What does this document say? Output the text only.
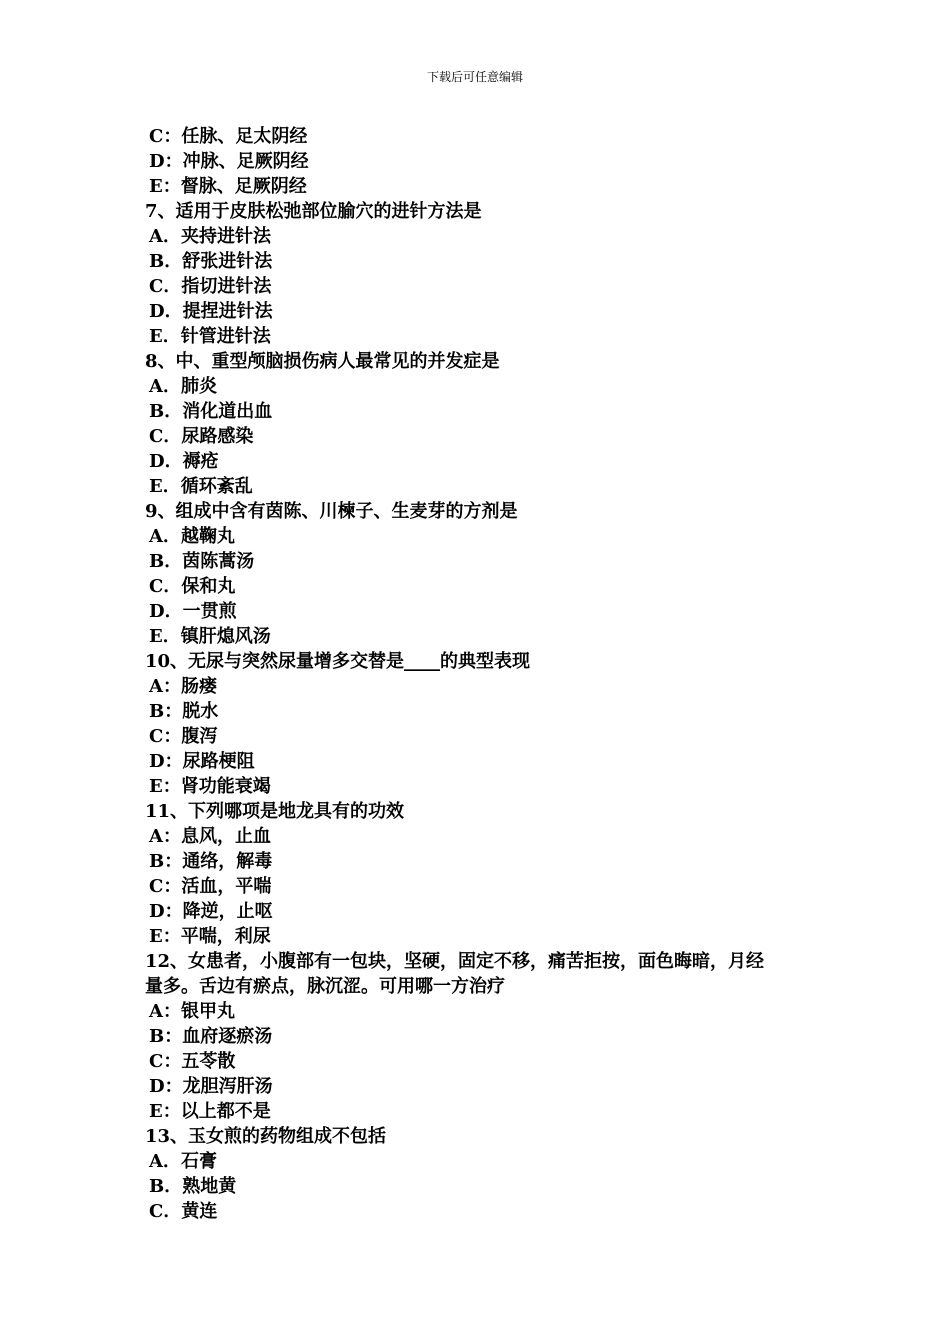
下载后可任意编辑
C：任脉、足太阴经
D：冲脉、足厥阴经
E：督脉、足厥阴经
7、适用于皮肤松弛部位腧穴的进针方法是
A．夹持进针法
B．舒张进针法
C．指切进针法
D．提捏进针法
E．针管进针法
8、中、重型颅脑损伤病人最常见的并发症是
A．肺炎
B．消化道出血
C．尿路感染
D．褥疮
E．循环紊乱
9、组成中含有茵陈、川楝子、生麦芽的方剂是
A．越鞠丸
B．茵陈蒿汤
C．保和丸
D．一贯煎
E．镇肝熄风汤
10、无尿与突然尿量增多交替是____的典型表现
A：肠瘘
B：脱水
C：腹泻
D：尿路梗阻
E：肾功能衰竭
11、下列哪项是地龙具有的功效
A：息风，止血
B：通络，解毒
C：活血，平喘
D：降逆，止呕
E：平喘，利尿
12、女患者，小腹部有一包块，坚硬，固定不移，痛苦拒按，面色晦暗，月经
量多。舌边有瘀点，脉沉涩。可用哪一方治疗
A：银甲丸
B：血府逐瘀汤
C：五苓散
D：龙胆泻肝汤
E：以上都不是
13、玉女煎的药物组成不包括
A．石膏
B．熟地黄
C．黄连
